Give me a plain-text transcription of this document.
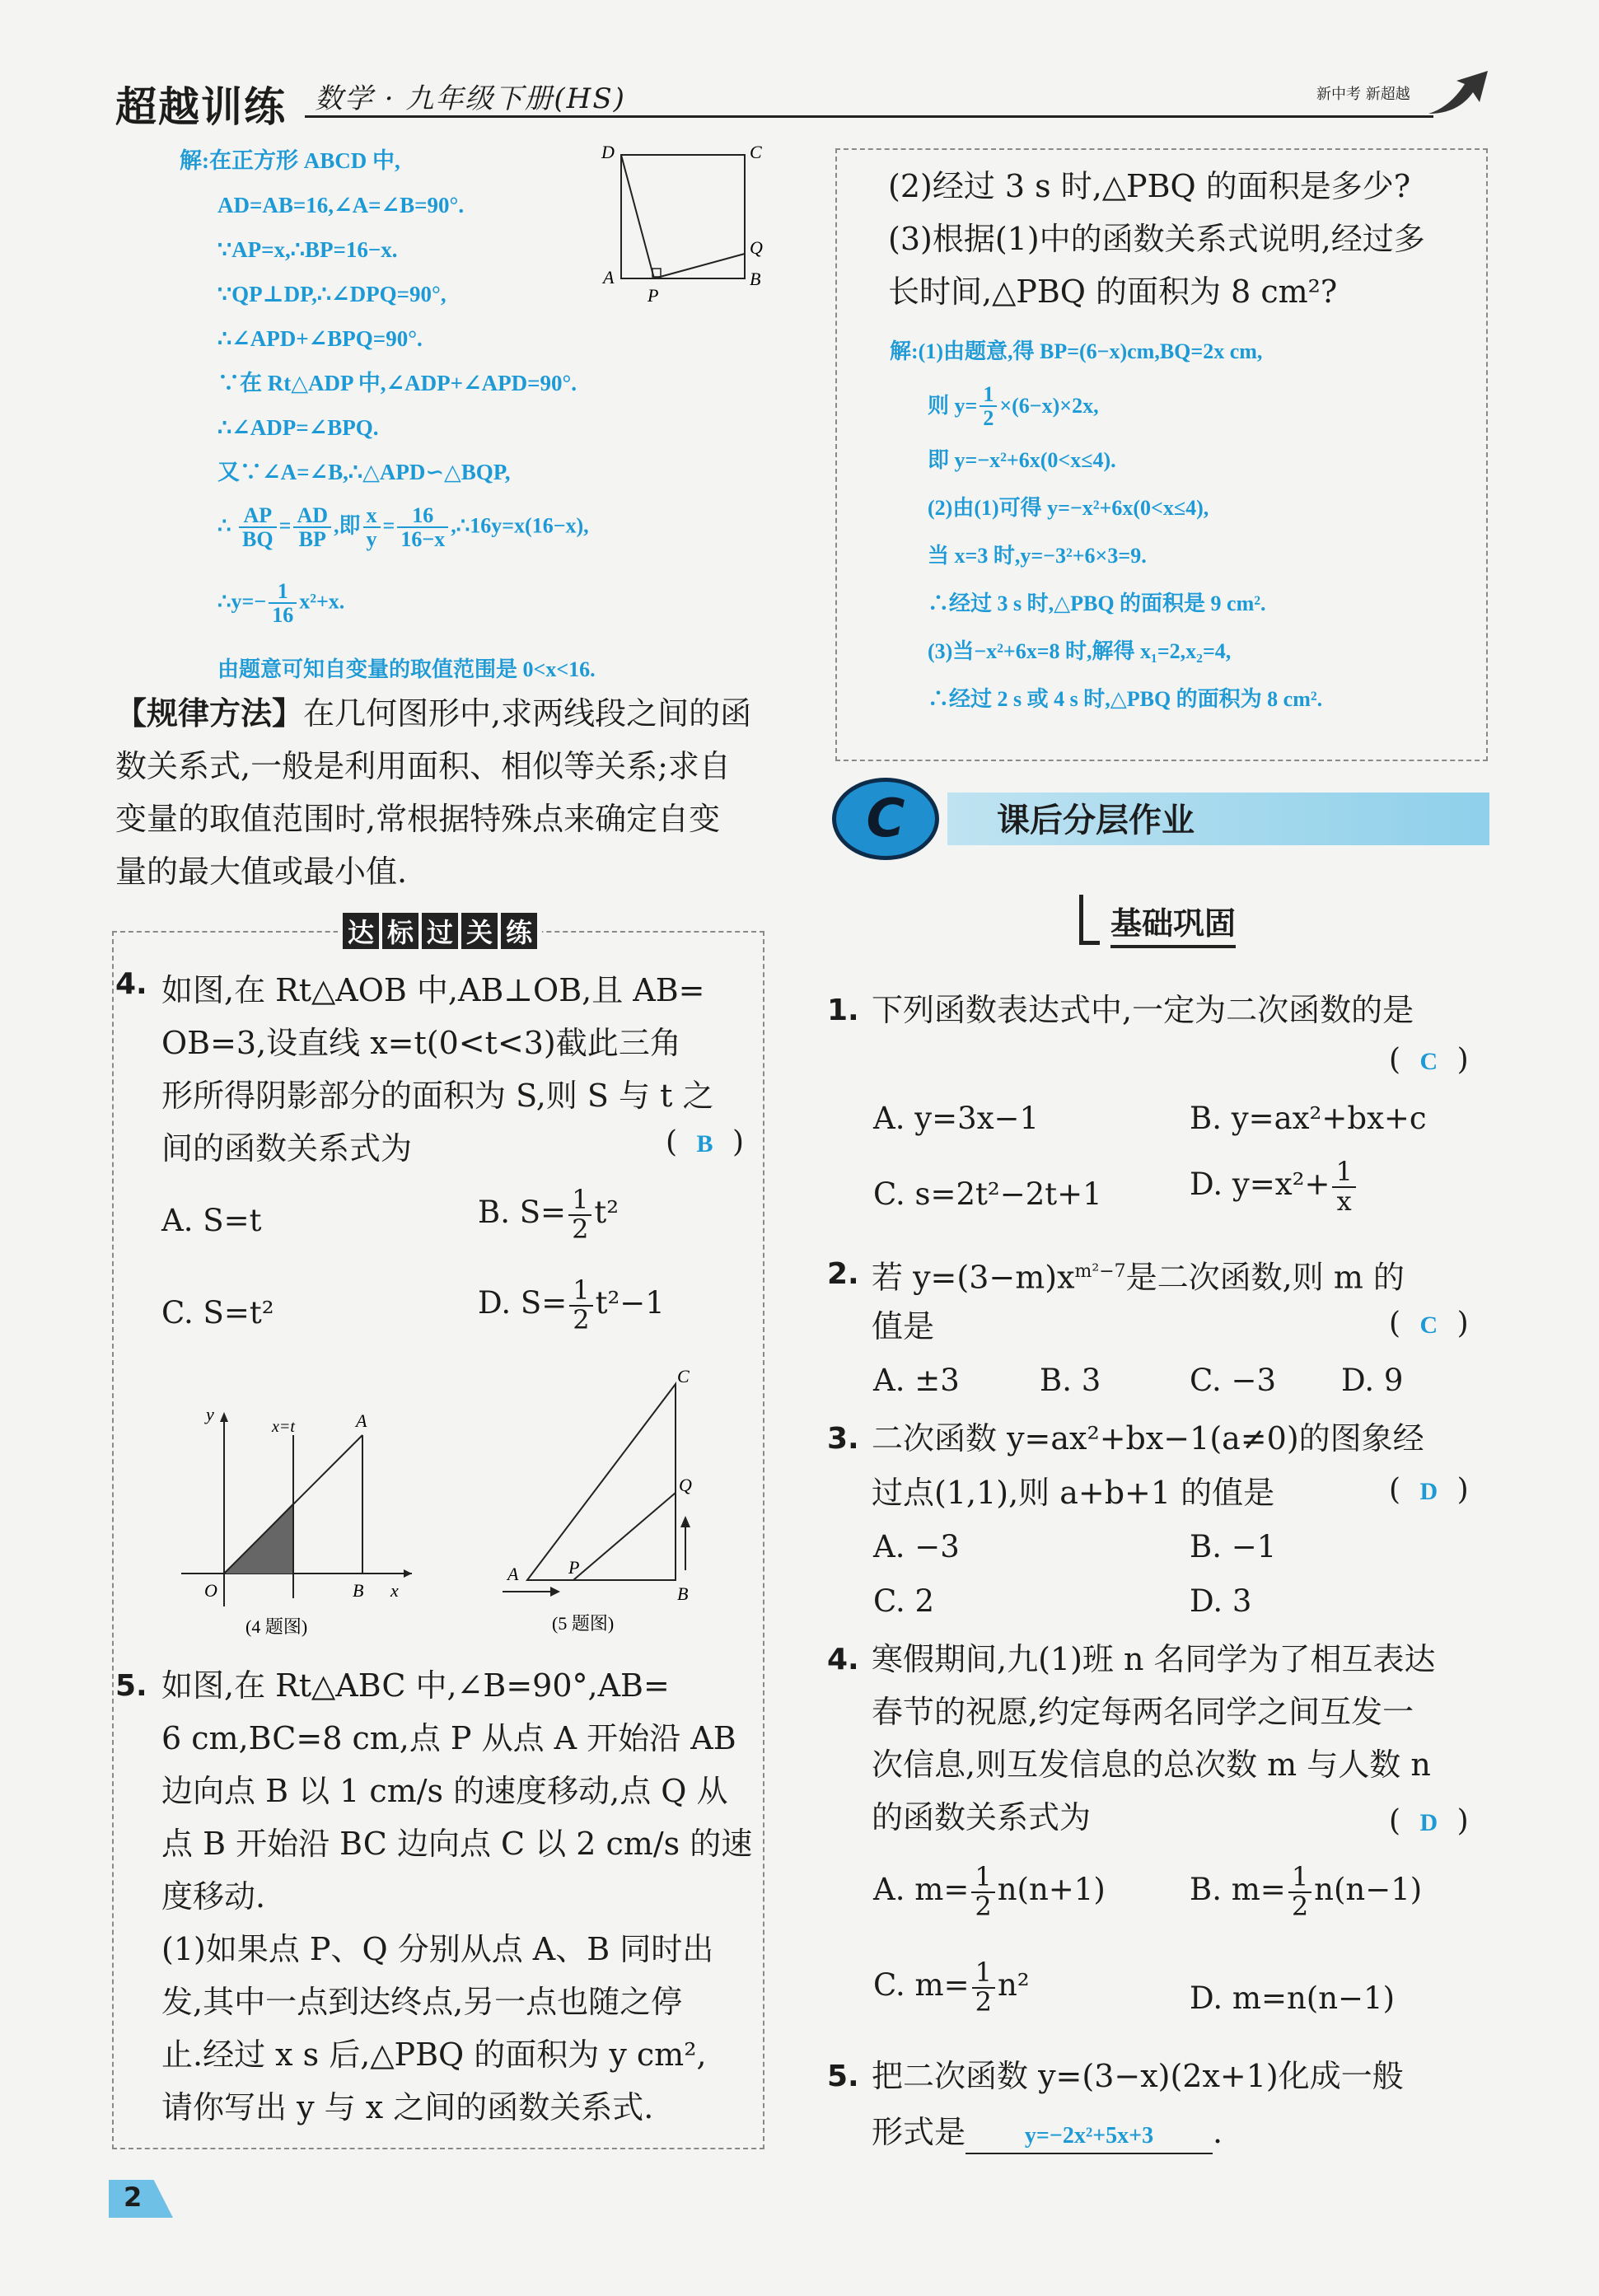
超越训练 数学 · 九年级下册(HS)	新中考 新超越
解:在正方形 ABCD 中,
AD=AB=16,∠A=∠B=90°.
∵AP=x,∴BP=16−x.
∵QP⊥DP,∴∠DPQ=90°,
∴∠APD+∠BPQ=90°.
∵在 Rt△ADP 中,∠ADP+∠APD=90°.
∴∠ADP=∠BPQ.
又∵∠A=∠B,∴△APD∽△BQP,
∴ $\frac{AP}{BQ} = \frac{AD}{BP}$ ,即 $\frac{x}{y} = \frac{16}{16-x}$ ,∴16y=x(16−x),
∴y=− $\frac{1}{16} x^2+x$.
由题意可知自变量的取值范围是 0<x<16.
D	C
A	B
P
Q
【规律方法】在几何图形中,求两线段之间的函
数关系式,一般是利用面积、相似等关系;求自
变量的取值范围时,常根据特殊点来确定自变
量的最大值或最小值.
达 标 过 关 练
4. 如图,在 Rt△AOB 中,AB⊥OB,且 AB=
OB=3,设直线 x=t(0<t<3)截此三角
形所得阴影部分的面积为 S,则 S 与 t 之
间的函数关系式为	( B )
A. S=t	B. $S= \frac{1}{2} t^2$
C. S=t²	D. $S= \frac{1}{2} t^2-1$
y
x
O	B
A
x=t
(4 题图)
C
Q
A	P
B
(5 题图)
5. 如图,在 Rt△ABC 中,∠B=90°,AB=
6 cm,BC=8 cm,点 P 从点 A 开始沿 AB
边向点 B 以 1 cm/s 的速度移动,点 Q 从
点 B 开始沿 BC 边向点 C 以 2 cm/s 的速
度移动.
(1)如果点 P、Q 分别从点 A、B 同时出
发,其中一点到达终点,另一点也随之停
止.经过 x s 后,△PBQ 的面积为 y cm²,
请你写出 y 与 x 之间的函数关系式.
2
(2)经过 3 s 时,△PBQ 的面积是多少?
(3)根据(1)中的函数关系式说明,经过多
长时间,△PBQ 的面积为 8 cm²?
解:(1)由题意,得 BP=(6−x)cm,BQ=2x cm,
则 $y= \frac{1}{2} \times(6-x)\times 2x$,
即 y=−x²+6x(0<x≤4).
(2)由(1)可得 y=−x²+6x(0<x≤4),
当 x=3 时,y=−3²+6×3=9.
∴经过 3 s 时,△PBQ 的面积是 9 cm².
(3)当−x²+6x=8 时,解得 x₁=2,x₂=4,
∴经过 2 s 或 4 s 时,△PBQ 的面积为 8 cm².
C	课后分层作业
基础巩固
1. 下列函数表达式中,一定为二次函数的是
( C )
A. y=3x−1	B. y=ax²+bx+c
C. s=2t²−2t+1	D. $y=x^2+ \frac{1}{x}$
2. 若 $y=(3-m)x^{m^2-7}$是二次函数,则 m 的
值是	( C )
A. ±3	B. 3	C. −3 D. 9
3. 二次函数 y=ax²+bx−1(a≠0)的图象经
过点(1,1),则 a+b+1 的值是	( D )
A. −3	B. −1
C. 2	D. 3
4. 寒假期间,九(1)班 n 名同学为了相互表达
春节的祝愿,约定每两名同学之间互发一
次信息,则互发信息的总次数 m 与人数 n
的函数关系式为	( D )
A. $m= \frac{1}{2} n(n+1)$	B. $m= \frac{1}{2} n(n-1)$
C. $m= \frac{1}{2} n^2$	D. m=n(n−1)
5. 把二次函数 y=(3−x)(2x+1)化成一般
形式是	y=−2x²+5x+3 .
